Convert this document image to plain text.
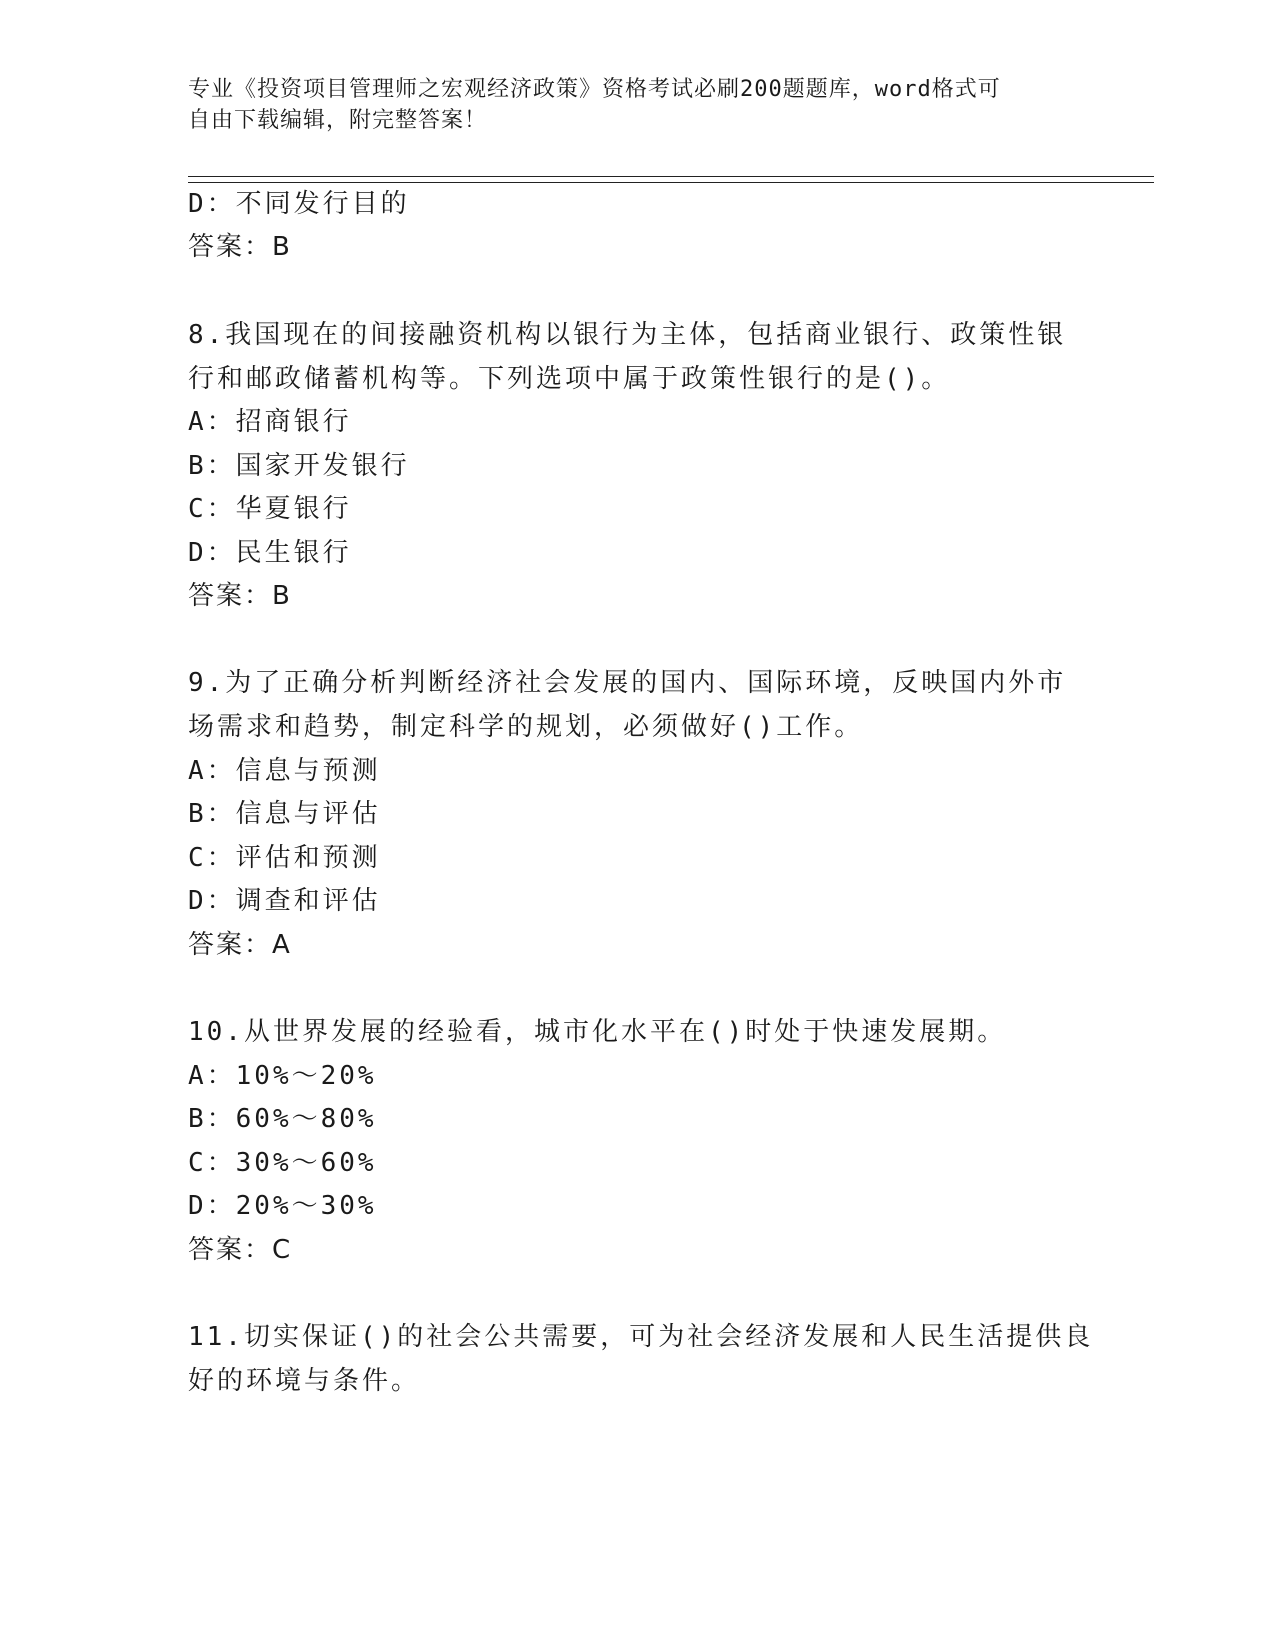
专业《投资项目管理师之宏观经济政策》资格考试必刷200题题库，word格式可
自由下载编辑，附完整答案！
D：不同发行目的
答案：B
8.我国现在的间接融资机构以银行为主体，包括商业银行、政策性银
行和邮政储蓄机构等。下列选项中属于政策性银行的是()。
A：招商银行
B：国家开发银行
C：华夏银行
D：民生银行
答案：B
9.为了正确分析判断经济社会发展的国内、国际环境，反映国内外市
场需求和趋势，制定科学的规划，必须做好()工作。
A：信息与预测
B：信息与评估
C：评估和预测
D：调查和评估
答案：A
10.从世界发展的经验看，城市化水平在()时处于快速发展期。
A：10%～20%
B：60%～80%
C：30%～60%
D：20%～30%
答案：C
11.切实保证()的社会公共需要，可为社会经济发展和人民生活提供良
好的环境与条件。
